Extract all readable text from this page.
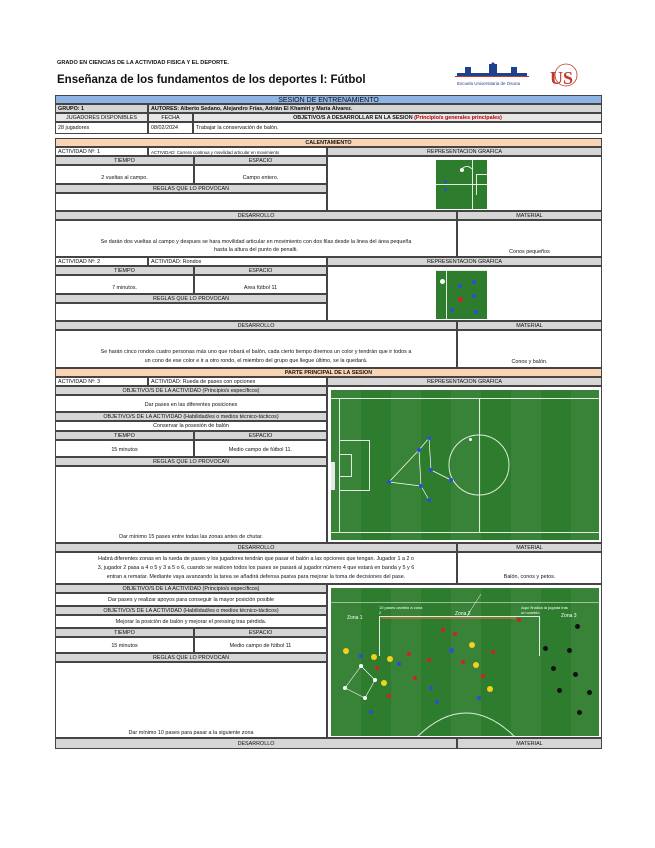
GRADO EN CIENCIAS DE LA ACTIVIDAD FÍSICA Y EL DEPORTE.
Enseñanza de los fundamentos de los deportes I: Fútbol	Escuela Universitaria de Osuna US
SESIÓN DE ENTRENAMIENTO
GRUPO: 1	AUTORES: Alberto Sedano, Alejandro Frías, Adrián El Khamiri y María Álvarez.
JUGADORES DISPONIBLES	FECHA	OBJETIVO/S A DESARROLLAR EN LA SESIÓN (Principio/s generales principales)
28 jugadores	08/02/2024	Trabajar la conservación de balón.
CALENTAMIENTO
ACTIVIDAD Nº: 1	ACTIVIDAD: Carrera continua y movilidad articular en movimiento	REPRESENTACION GRAFICA
TIEMPO	ESPACIO
2 vueltas al campo.	Campo entero.
REGLAS QUE LO PROVOCAN
DESARROLLO	MATERIAL
Se darán dos vueltas al campo y despues se hara movilidad articular en movimiento con dos filas desde la linea del área pequeña
hasta la altura del punto de penalti.	Conos pequeños
ACTIVIDAD Nº: 2	ACTIVIDAD: Rondos	REPRESENTACION GRAFICA
TIEMPO	ESPACIO
7 minutos.	Área fútbol 11
REGLAS QUE LO PROVOCAN
DESARROLLO	MATERIAL
Se harán cinco rondos cuatro personas más uno que robará el balón, cada cierto tiempo diremos un color y tendrán que ir todos a
un cono de ese color e ir a otro rondo, el miembro del grupo que llegue último, se la quedará.	Conos y balón.
PARTE PRINCIPAL DE LA SESIÓN
ACTIVIDAD Nº: 3	ACTIVIDAD: Rueda de pases con opciones	REPRESENTACION GRAFICA
OBJETIVO/S DE LA ACTIVIDAD (Principio/s específicos)
Dar pases en las diferentes posiciones
OBJETIVO/S DE LA ACTIVIDAD (Habilidad/es o medios técnico-tácticos)
Conservar la posesión de balón
TIEMPO	ESPACIO
15 minutos	Medio campo de fútbol 11.
REGLAS QUE LO PROVOCAN
Dar mínimo 15 pases entre todas las zonas antes de chutar.
DESARROLLO	MATERIAL
Habrá diferentes zonas en la rueda de pases y los jugadores tendrán que pasar el balón a las opciones que tengan. Jugador 1 a 2 o
3, jugador 2 pasa a 4 o 5 y 3 a 5 o 6, cuando se realicen todos los pases se pasará al jugador número 4 que estará en banda y 5 y 6
entran a rematar. Mediante vaya avanzando la tarea se añadirá defensa pasiva para mejorar la toma de decisiones del pase.	Balón, conos y petos.
OBJETIVO/S DE LA ACTIVIDAD (Principio/s específicos)
Dar pases y realizar apoyos para conseguir la mayor posición posible
OBJETIVO/S DE LA ACTIVIDAD (Habilidad/es o medios técnico-tácticos)
Mejorar la posición de balón y mejorar el pressing tras pérdida.
TIEMPO	ESPACIO
15 minutos	Medio campo de fútbol 11
REGLAS QUE LO PROVOCAN
Dar mínimo 10 pases para pasar a la siguiente zona
Zona 1
Zona 2	Zona 3
10 pases cambio a zona 2
Aquí finaliza la jugada tras un cambio
DESARROLLO	MATERIAL
